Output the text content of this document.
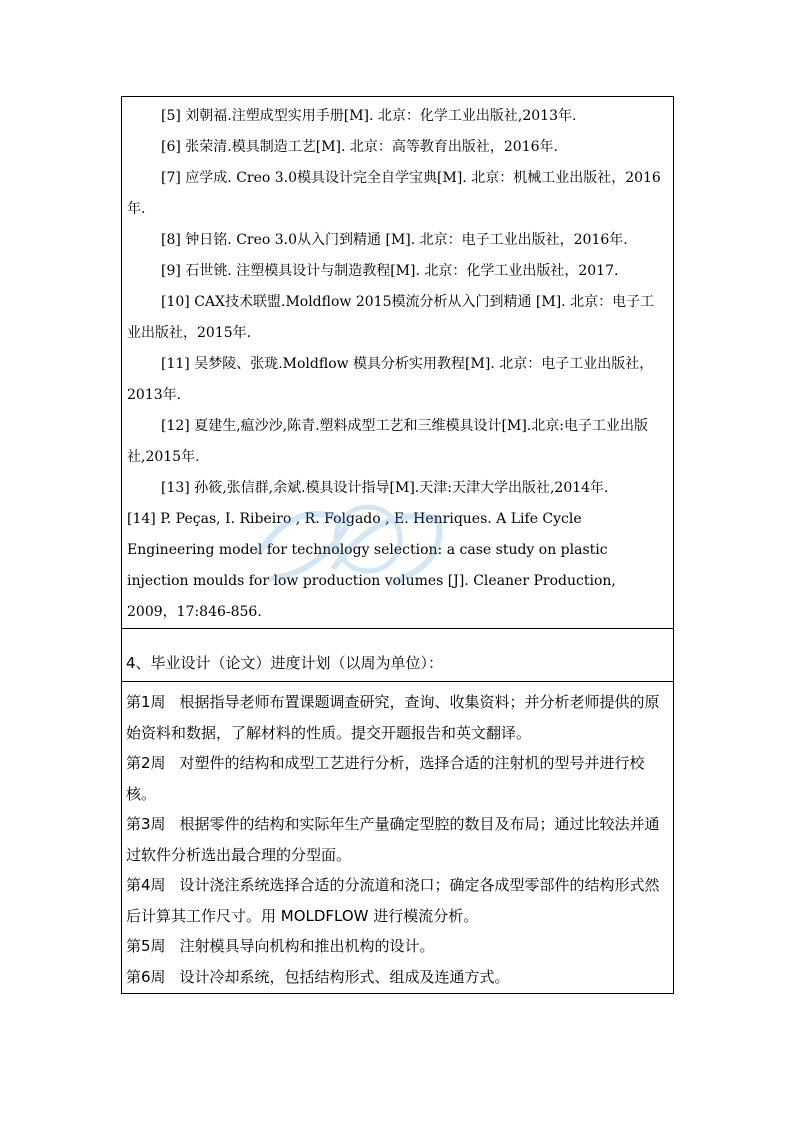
[5] 刘朝福.注塑成型实用手册[M]. 北京：化学工业出版社,2013年.

[6] 张荣清.模具制造工艺[M]. 北京：高等教育出版社，2016年.

[7] 应学成. Creo 3.0模具设计完全自学宝典[M]. 北京：机械工业出版社，2016年.

[8] 钟日铭. Creo 3.0从入门到精通 [M]. 北京：电子工业出版社，2016年.

[9] 石世铫. 注塑模具设计与制造教程[M]. 北京：化学工业出版社，2017.

[10] CAX技术联盟.Moldflow 2015模流分析从入门到精通 [M]. 北京：电子工业出版社，2015年.

[11] 吴梦陵、张珑.Moldflow 模具分析实用教程[M]. 北京：电子工业出版社，2013年.

[12] 夏建生,瘟沙沙,陈青.塑料成型工艺和三维模具设计[M].北京:电子工业出版社,2015年.

[13] 孙筱,张信群,余斌.模具设计指导[M].天津:天津大学出版社,2014年.

[14] P. Peças, I. Ribeiro , R. Folgado , E. Henriques. A Life Cycle Engineering model for technology selection: a case study on plastic injection moulds for low production volumes [J]. Cleaner Production, 2009，17:846-856.

4、毕业设计（论文）进度计划（以周为单位）：

第1周 根据指导老师布置课题调查研究，查询、收集资料；并分析老师提供的原始资料和数据，了解材料的性质。提交开题报告和英文翻译。

第2周 对塑件的结构和成型工艺进行分析，选择合适的注射机的型号并进行校核。

第3周 根据零件的结构和实际年生产量确定型腔的数目及布局；通过比较法并通过软件分析选出最合理的分型面。

第4周 设计浇注系统选择合适的分流道和浇口；确定各成型零部件的结构形式然后计算其工作尺寸。用 MOLDFLOW 进行模流分析。

第5周 注射模具导向机构和推出机构的设计。

第6周 设计冷却系统，包括结构形式、组成及连通方式。
